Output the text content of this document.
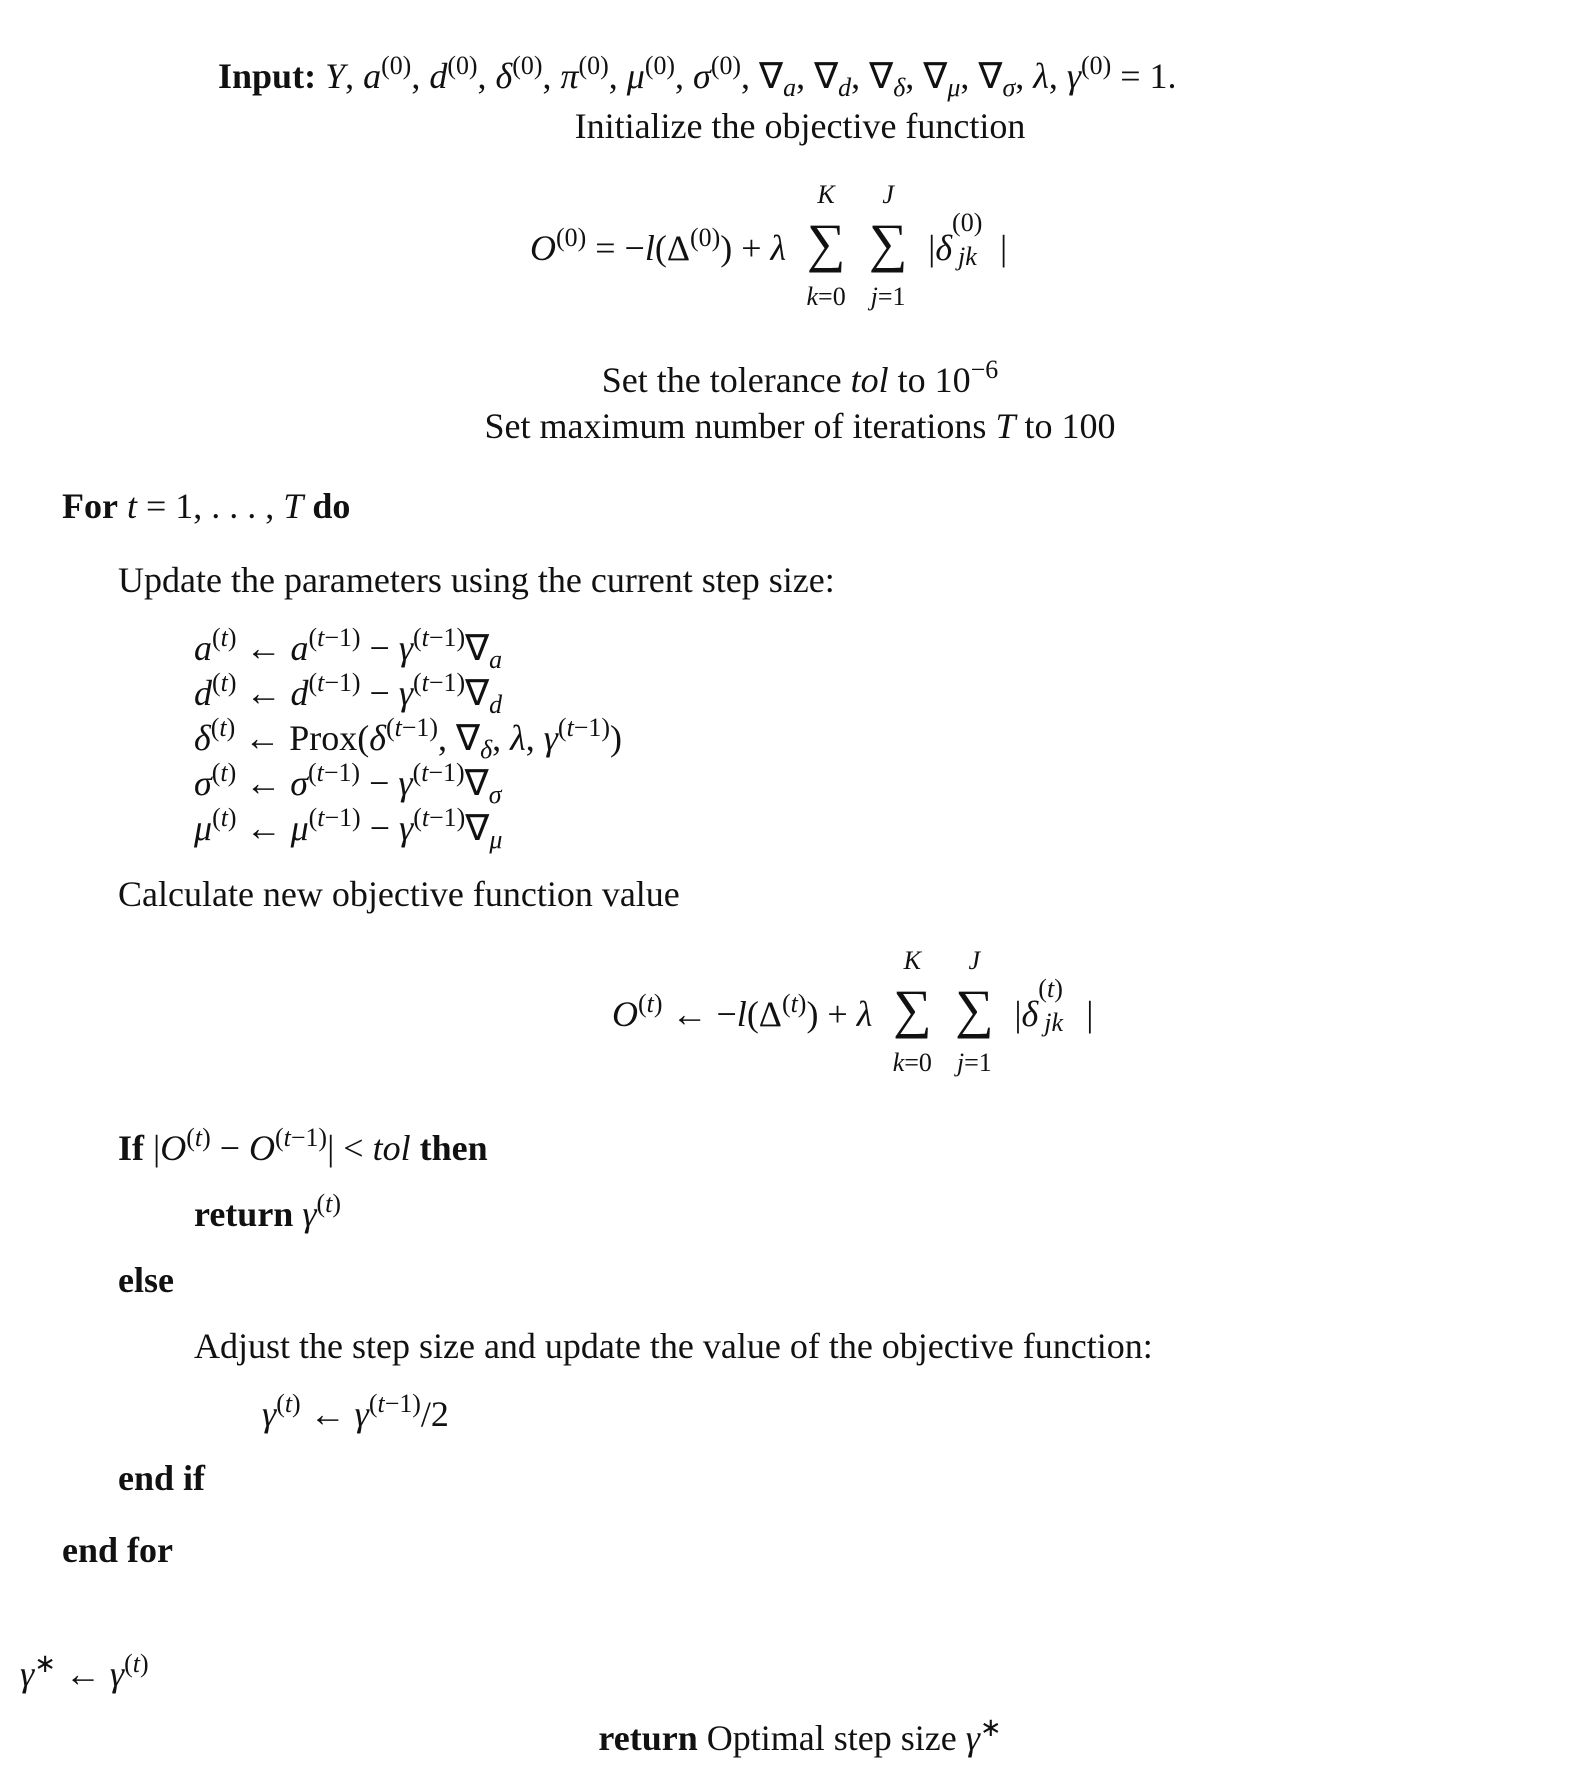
Input: Y, $a^{(0)}$, $d^{(0)}$, $\delta^{(0)}$, $\pi^{(0)}$, $\mu^{(0)}$, $\sigma^{(0)}$, $\nabla_a$, $\nabla_d$, $\nabla_\delta$, $\nabla_\mu$, $\nabla_\sigma$, λ, $\gamma^{(0)} = 1$.
Initialize the objective function
$O^{(0)} = -l(\Delta^{(0)}) + \lambda$
K
∑
k=0
J
∑
j=1
|δ
(0)
jk |
Set the tolerance tol to $10^{-6}$
Set maximum number of iterations T to 100
For t = 1, . . . , T do
Update the parameters using the current step size:
$a^{(t)}$ ← $a^{(t-1)} - \gamma^{(t-1)}\nabla_a$
$d^{(t)}$ ← $d^{(t-1)} - \gamma^{(t-1)}\nabla_d$
$\delta^{(t)}$ ← $Prox(\delta^{(t-1)}$, $\nabla_\delta$, λ, $\gamma^{(t-1)}$)
$\sigma^{(t)}$ ← $\sigma^{(t-1)} - \gamma^{(t-1)}\nabla_\sigma$
$\mu^{(t)}$ ← $\mu^{(t-1)} - \gamma^{(t-1)}\nabla_\mu$
Calculate new objective function value
$O^{(t)}$ ← $-l(\Delta^{(t)}) + \lambda$
K
∑
k=0
J
∑
j=1
|δ
(t)
jk |
If $|O^{(t)} - O^{(t-1)}|$ < tol then
return $\gamma^{(t)}$
else
Adjust the step size and update the value of the objective function:
$\gamma^{(t)}$ ← $\gamma^{(t-1)}/2$
end if
end for
γ∗ ← $\gamma^{(t)}$
return Optimal step size γ∗
